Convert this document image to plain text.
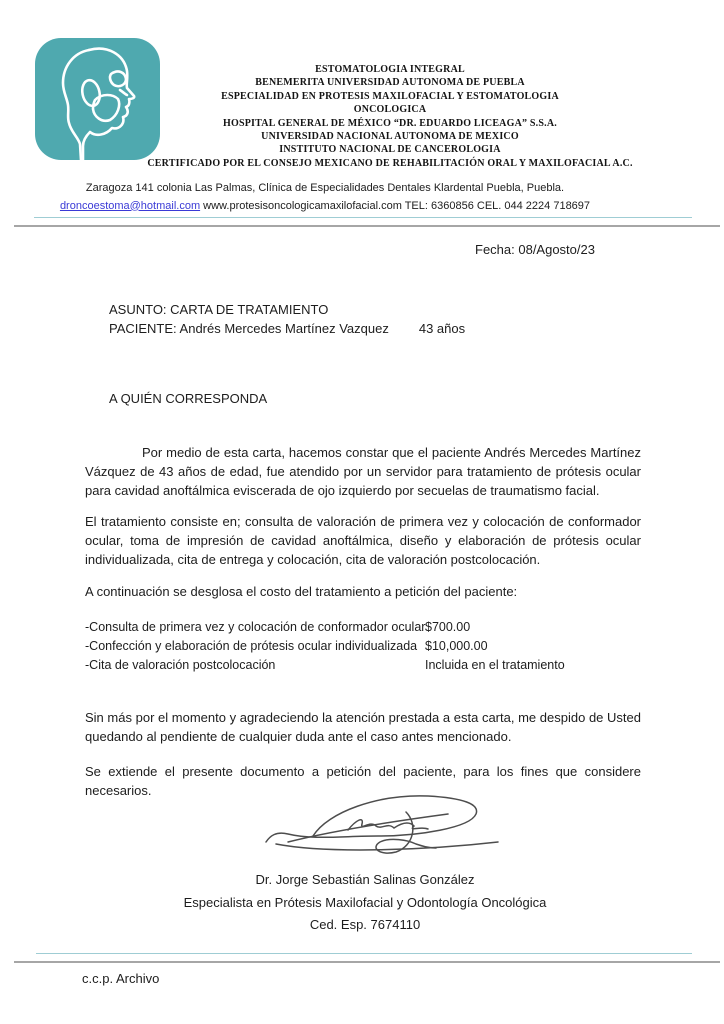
ESTOMATOLOGIA INTEGRAL
BENEMERITA UNIVERSIDAD AUTONOMA DE PUEBLA
ESPECIALIDAD EN PROTESIS MAXILOFACIAL Y ESTOMATOLOGIA
ONCOLOGICA
HOSPITAL GENERAL DE MÉXICO “DR. EDUARDO LICEAGA” S.S.A.
UNIVERSIDAD NACIONAL AUTONOMA DE MEXICO
INSTITUTO NACIONAL DE CANCEROLOGIA
CERTIFICADO POR EL CONSEJO MEXICANO DE REHABILITACIÓN ORAL Y MAXILOFACIAL A.C.
Zaragoza 141 colonia Las Palmas, Clínica de Especialidades Dentales Klardental Puebla, Puebla.
droncoestoma@hotmail.com www.protesisoncologicamaxilofacial.com TEL: 6360856 CEL. 044 2224 718697
Fecha: 08/Agosto/23
ASUNTO: CARTA DE TRATAMIENTO
PACIENTE: Andrés Mercedes Martínez Vazquez 43 años
A QUIÉN CORRESPONDA

Por medio de esta carta, hacemos constar que el paciente Andrés Mercedes Martínez Vázquez de 43 años de edad, fue atendido por un servidor para tratamiento de prótesis ocular para cavidad anoftálmica eviscerada de ojo izquierdo por secuelas de traumatismo facial.

El tratamiento consiste en; consulta de valoración de primera vez y colocación de conformador ocular, toma de impresión de cavidad anoftálmica, diseño y elaboración de prótesis ocular individualizada, cita de entrega y colocación, cita de valoración postcolocación.

A continuación se desglosa el costo del tratamiento a petición del paciente:

-Consulta de primera vez y colocación de conformador ocular $700.00
-Confección y elaboración de prótesis ocular individualizada $10,000.00
-Cita de valoración postcolocación	Incluida en el tratamiento

Sin más por el momento y agradeciendo la atención prestada a esta carta, me despido de Usted quedando al pendiente de cualquier duda ante el caso antes mencionado.

Se extiende el presente documento a petición del paciente, para los fines que considere necesarios.

Dr. Jorge Sebastián Salinas González
Especialista en Prótesis Maxilofacial y Odontología Oncológica
Ced. Esp. 7674110
c.c.p. Archivo
